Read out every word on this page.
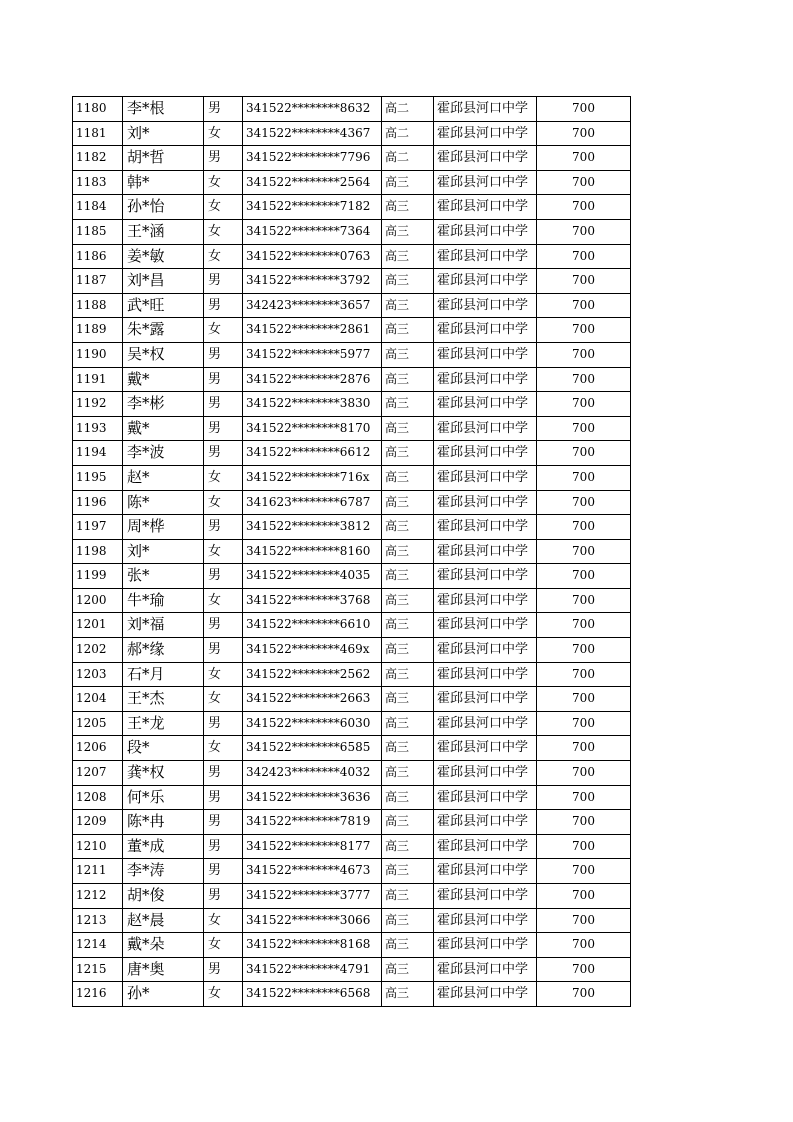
1180	李*根	男	341522********8632	高二	霍邱县河口中学	700
1181	刘*	女	341522********4367	高二	霍邱县河口中学	700
1182	胡*哲	男	341522********7796	高二	霍邱县河口中学	700
1183	韩*	女	341522********2564	高三	霍邱县河口中学	700
1184	孙*怡	女	341522********7182	高三	霍邱县河口中学	700
1185	王*涵	女	341522********7364	高三	霍邱县河口中学	700
1186	姜*敏	女	341522********0763	高三	霍邱县河口中学	700
1187	刘*昌	男	341522********3792	高三	霍邱县河口中学	700
1188	武*旺	男	342423********3657	高三	霍邱县河口中学	700
1189	朱*露	女	341522********2861	高三	霍邱县河口中学	700
1190	吴*权	男	341522********5977	高三	霍邱县河口中学	700
1191	戴*	男	341522********2876	高三	霍邱县河口中学	700
1192	李*彬	男	341522********3830	高三	霍邱县河口中学	700
1193	戴*	男	341522********8170	高三	霍邱县河口中学	700
1194	李*波	男	341522********6612	高三	霍邱县河口中学	700
1195	赵*	女	341522********716x	高三	霍邱县河口中学	700
1196	陈*	女	341623********6787	高三	霍邱县河口中学	700
1197	周*桦	男	341522********3812	高三	霍邱县河口中学	700
1198	刘*	女	341522********8160	高三	霍邱县河口中学	700
1199	张*	男	341522********4035	高三	霍邱县河口中学	700
1200	牛*瑜	女	341522********3768	高三	霍邱县河口中学	700
1201	刘*福	男	341522********6610	高三	霍邱县河口中学	700
1202	郝*缘	男	341522********469x	高三	霍邱县河口中学	700
1203	石*月	女	341522********2562	高三	霍邱县河口中学	700
1204	王*杰	女	341522********2663	高三	霍邱县河口中学	700
1205	王*龙	男	341522********6030	高三	霍邱县河口中学	700
1206	段*	女	341522********6585	高三	霍邱县河口中学	700
1207	龚*权	男	342423********4032	高三	霍邱县河口中学	700
1208	何*乐	男	341522********3636	高三	霍邱县河口中学	700
1209	陈*冉	男	341522********7819	高三	霍邱县河口中学	700
1210	董*成	男	341522********8177	高三	霍邱县河口中学	700
1211	李*涛	男	341522********4673	高三	霍邱县河口中学	700
1212	胡*俊	男	341522********3777	高三	霍邱县河口中学	700
1213	赵*晨	女	341522********3066	高三	霍邱县河口中学	700
1214	戴*朵	女	341522********8168	高三	霍邱县河口中学	700
1215	唐*奥	男	341522********4791	高三	霍邱县河口中学	700
1216	孙*	女	341522********6568	高三	霍邱县河口中学	700
